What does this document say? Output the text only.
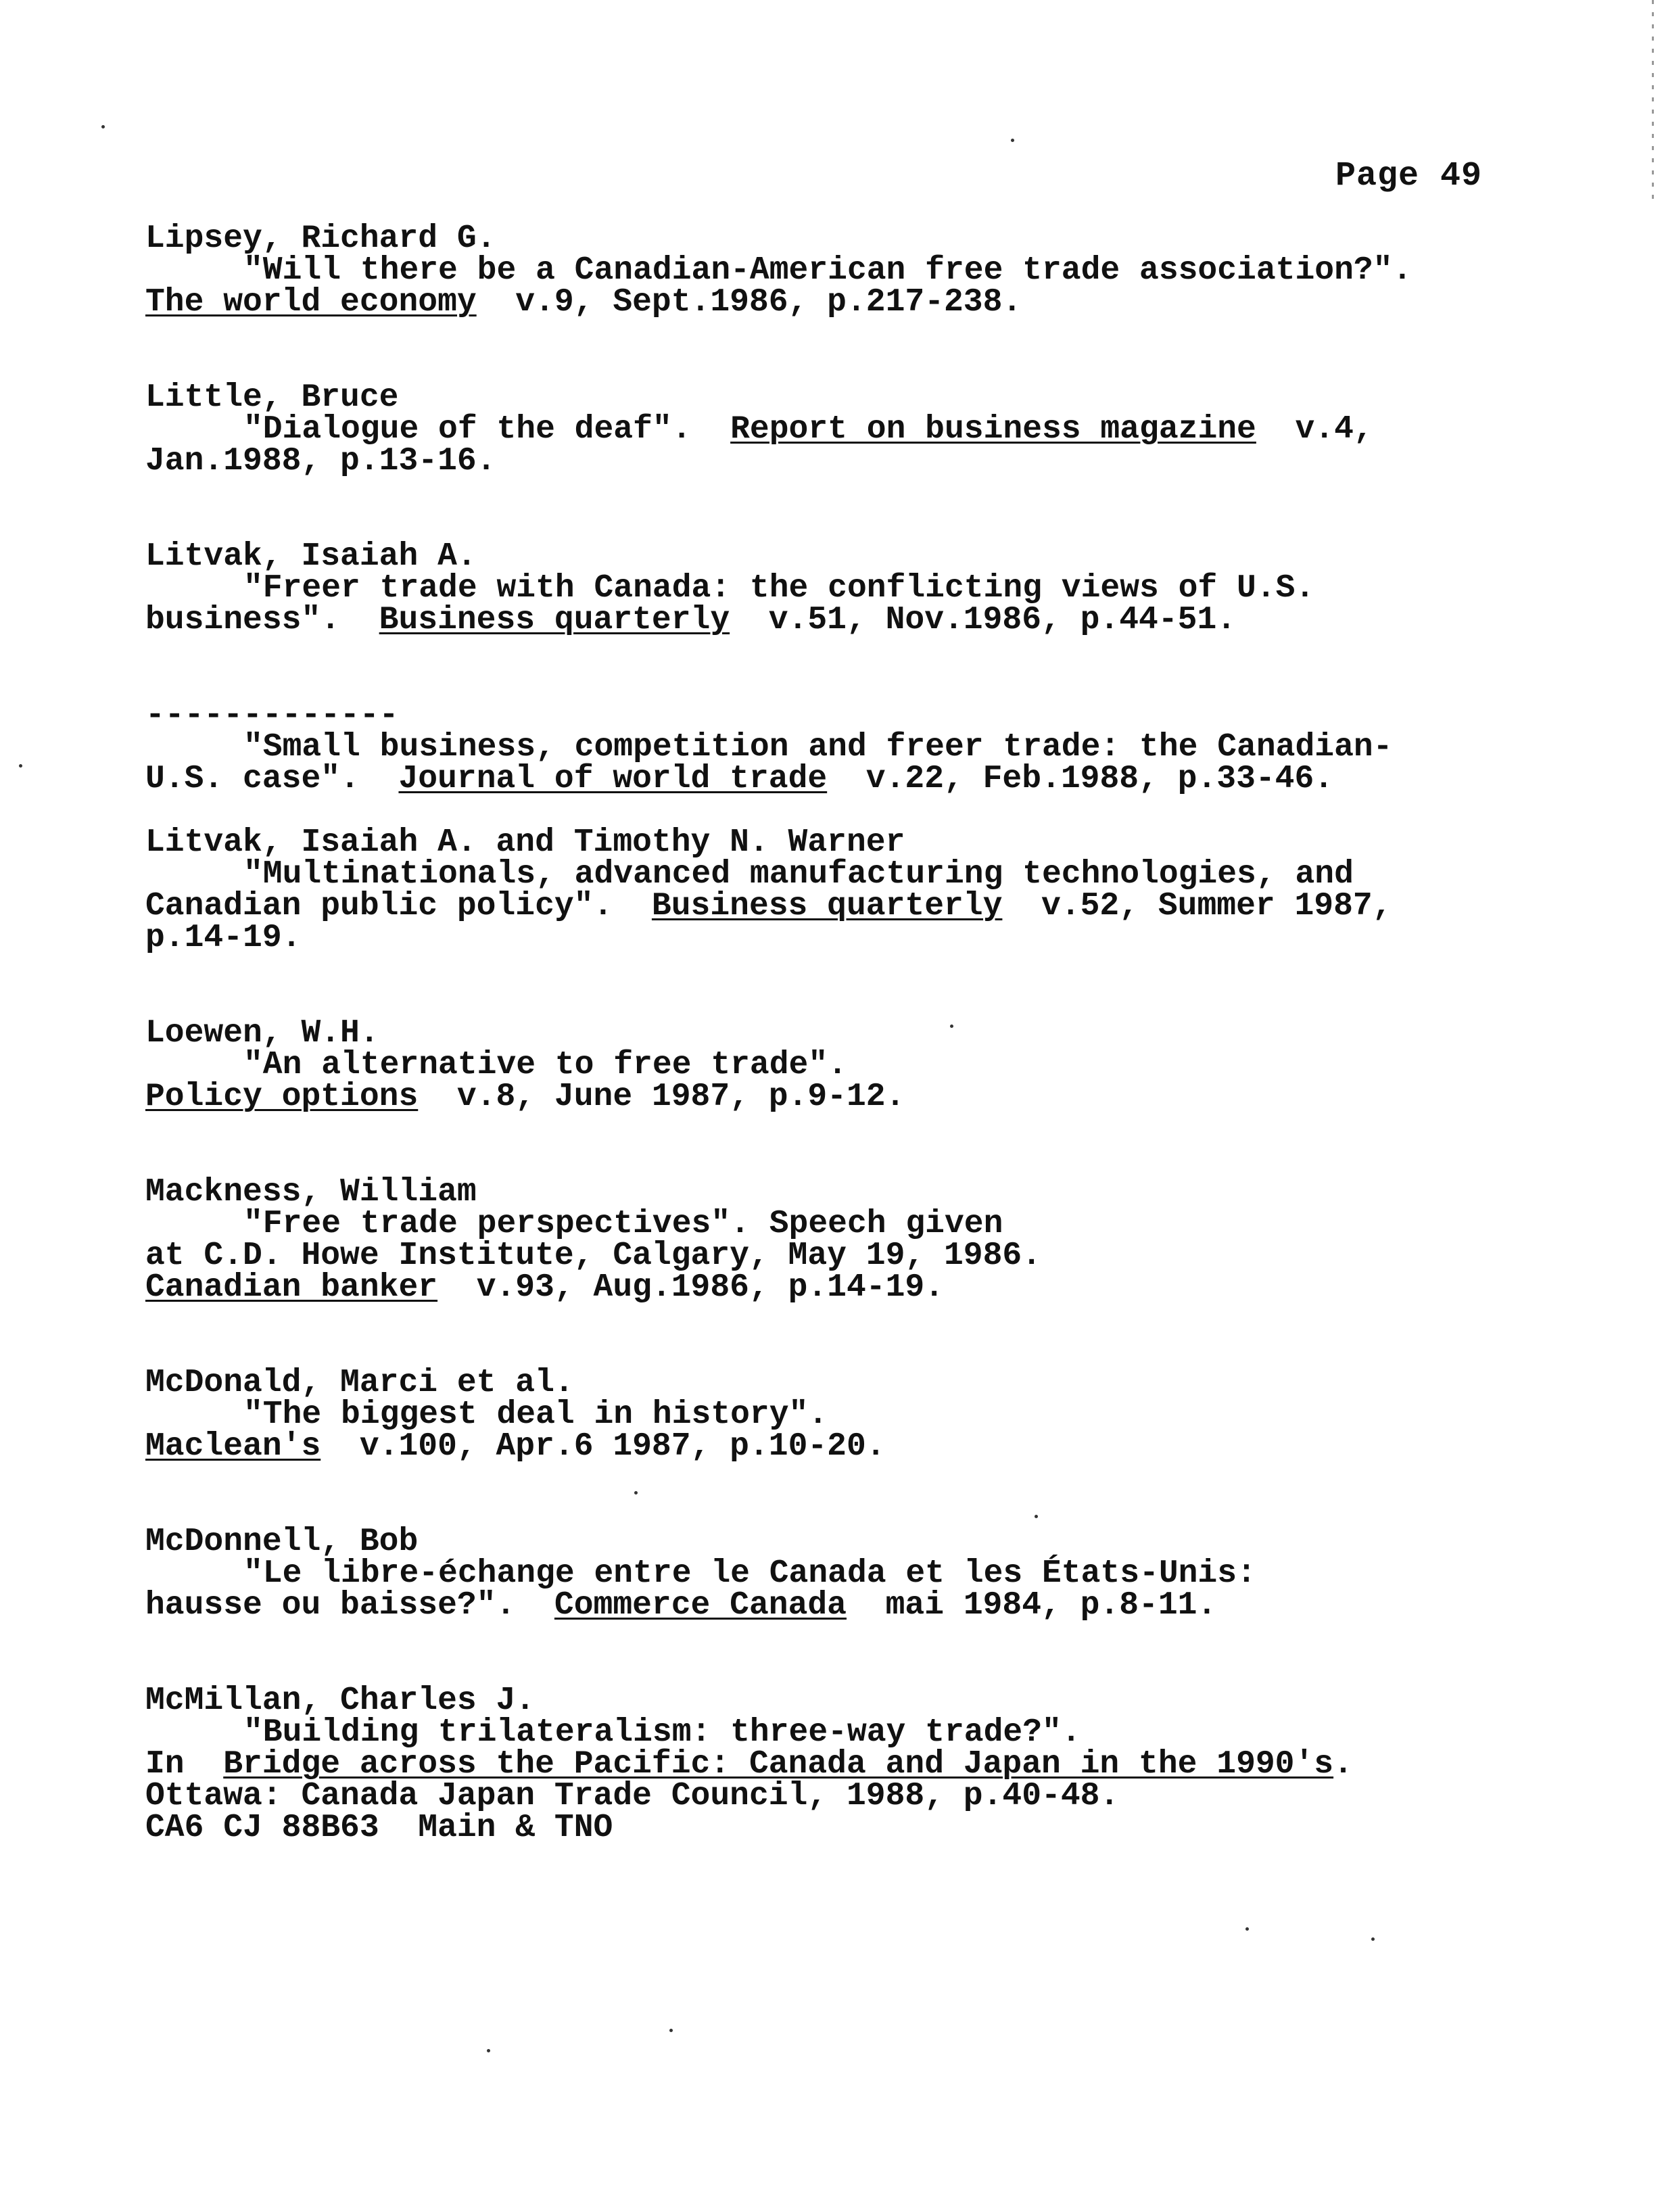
Page 49

Lipsey, Richard G.

"Will there be a Canadian-American free trade association?".

The world economy  v.9, Sept.1986, p.217-238.

Little, Bruce

"Dialogue of the deaf".  Report on business magazine  v.4,

Jan.1988, p.13-16.

Litvak, Isaiah A.

"Freer trade with Canada: the conflicting views of U.S.

business".  Business quarterly  v.51, Nov.1986, p.44-51.

-------------

"Small business, competition and freer trade: the Canadian-

U.S. case".  Journal of world trade  v.22, Feb.1988, p.33-46.

Litvak, Isaiah A. and Timothy N. Warner

"Multinationals, advanced manufacturing technologies, and

Canadian public policy".  Business quarterly  v.52, Summer 1987,

p.14-19.

Loewen, W.H.

"An alternative to free trade".

Policy options  v.8, June 1987, p.9-12.

Mackness, William

"Free trade perspectives". Speech given

at C.D. Howe Institute, Calgary, May 19, 1986.

Canadian banker  v.93, Aug.1986, p.14-19.

McDonald, Marci et al.

"The biggest deal in history".

Maclean's  v.100, Apr.6 1987, p.10-20.

McDonnell, Bob

"Le libre-échange entre le Canada et les États-Unis:

hausse ou baisse?".  Commerce Canada  mai 1984, p.8-11.

McMillan, Charles J.

"Building trilateralism: three-way trade?".

In  Bridge across the Pacific: Canada and Japan in the 1990's.

Ottawa: Canada Japan Trade Council, 1988, p.40-48.

CA6 CJ 88B63  Main & TNO
